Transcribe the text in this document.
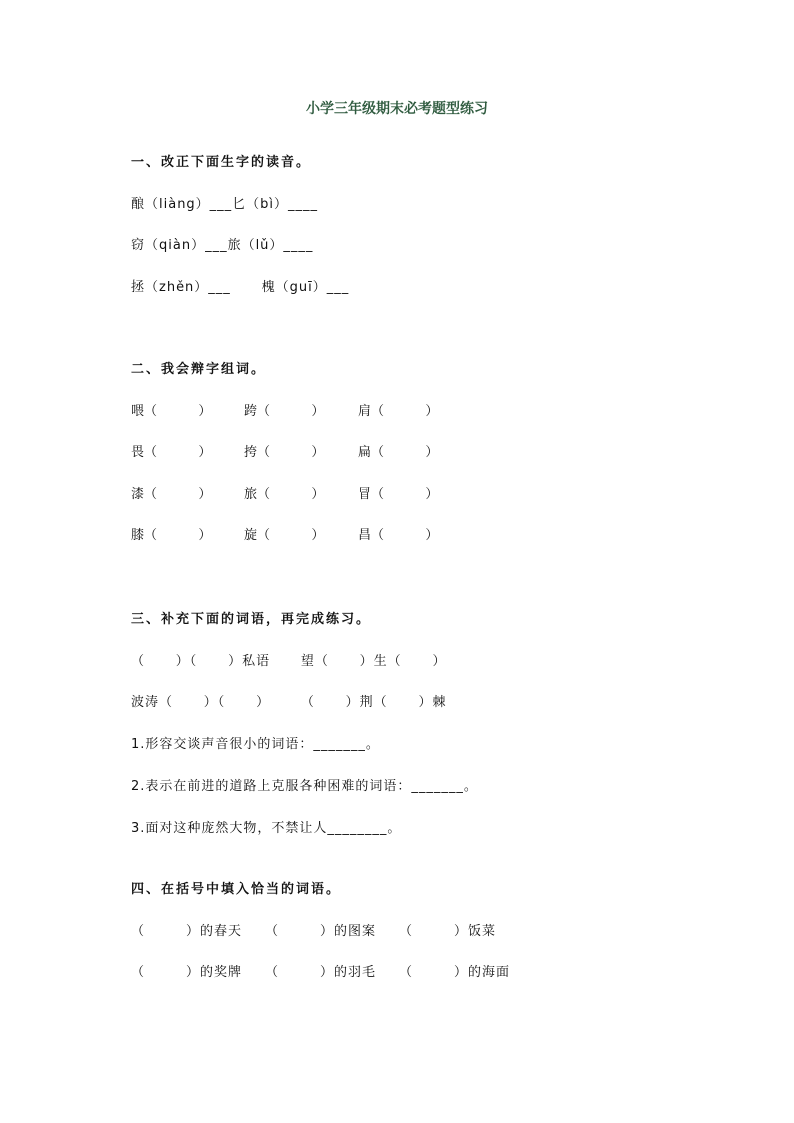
小学三年级期末必考题型练习
一、改正下面生字的读音。
酿（liàng）___匕（bì）____
窃（qiàn）___旅（lǔ）____
拯（zhěn）___      槐（guī）___
二、我会辩字组词。
喂（          ）	跨（          ）	肩（          ）
畏（          ）	挎（          ）	扁（          ）
漆（          ）	旅（          ）	冒（          ）
膝（          ）	旋（          ）	昌（          ）
三、补充下面的词语，再完成练习。
（      ）（      ）私语      望（      ）生（      ）
波涛（      ）（      ）      （      ）荆（      ）棘
1.形容交谈声音很小的词语：_______。
2.表示在前进的道路上克服各种困难的词语：_______。
3.面对这种庞然大物，不禁让人________。
四、在括号中填入恰当的词语。
（        ）的春天 （        ）的图案 （        ）饭菜
（        ）的奖牌 （        ）的羽毛 （        ）的海面
